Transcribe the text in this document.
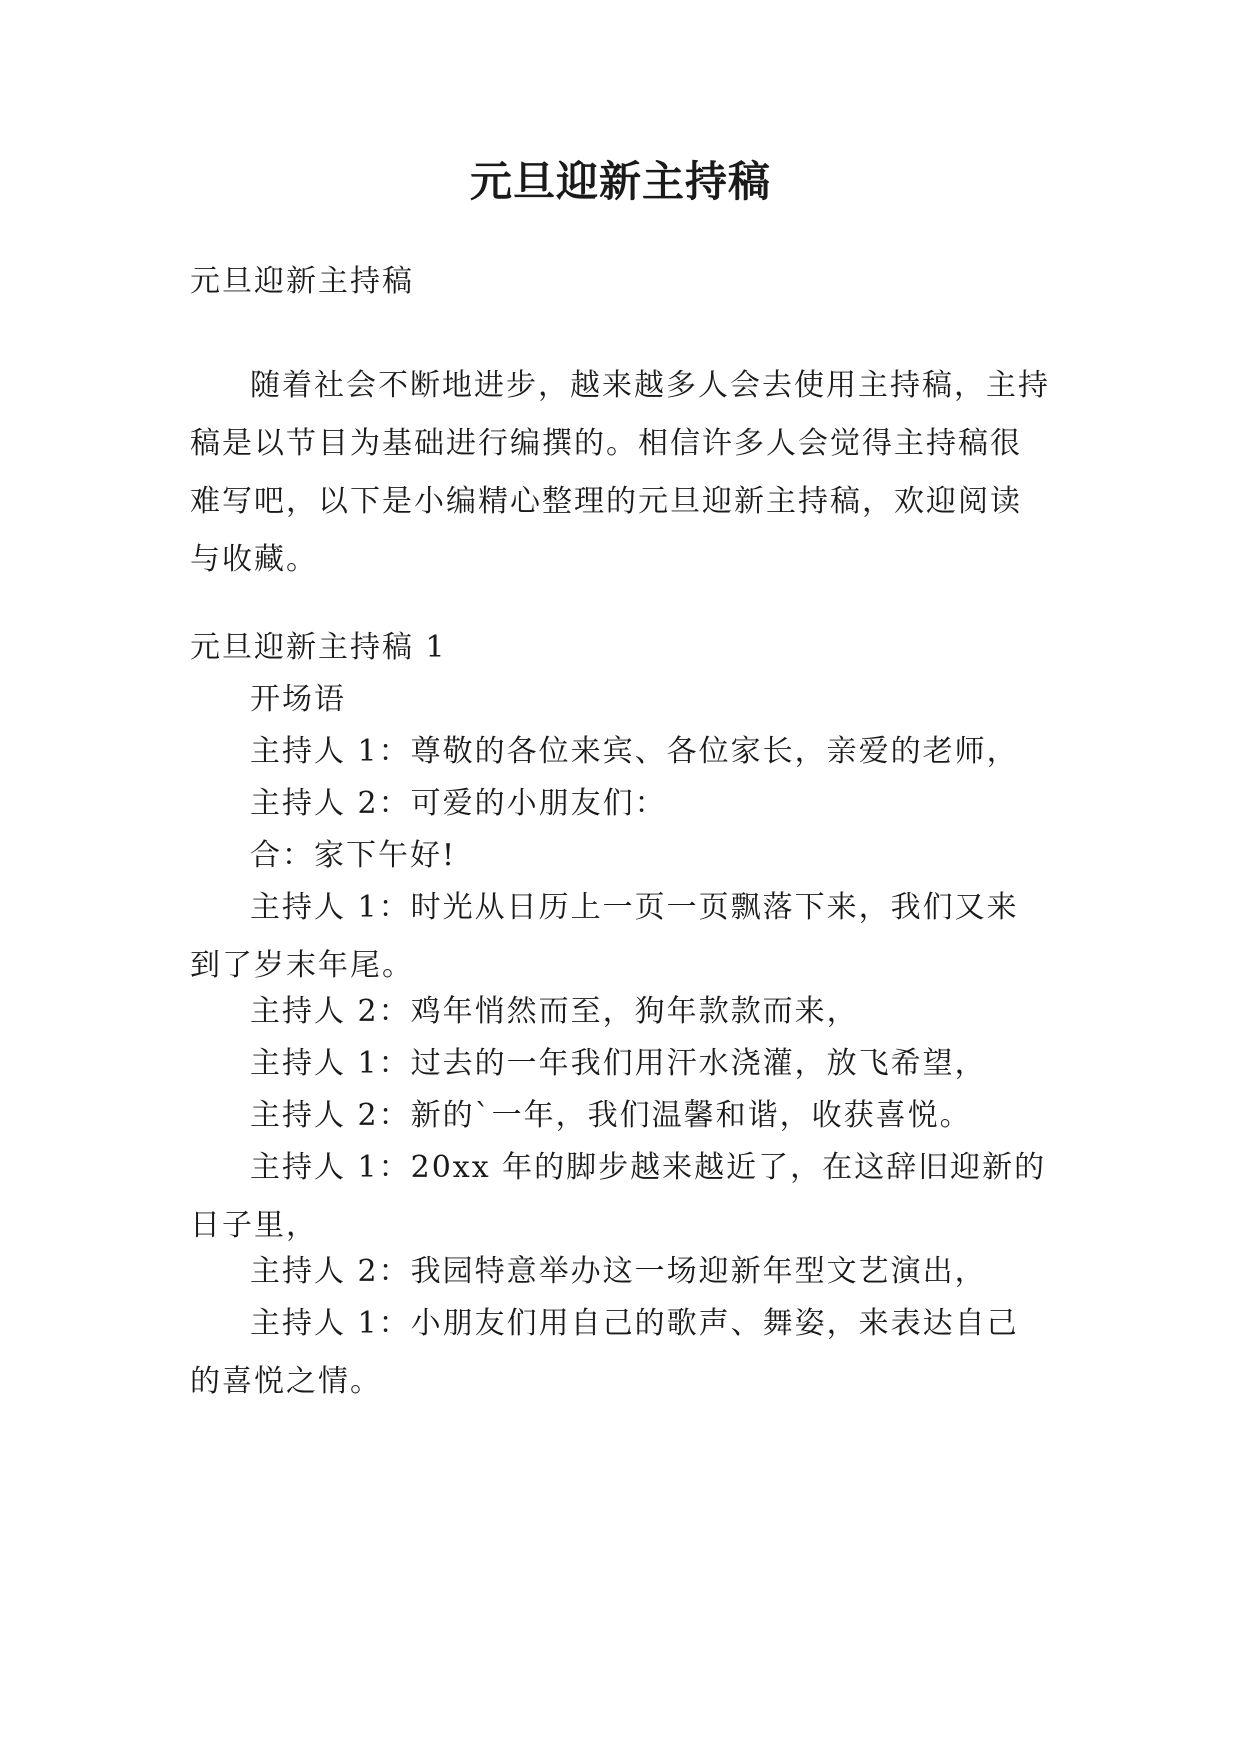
元旦迎新主持稿

元旦迎新主持稿

随着社会不断地进步，越来越多人会去使用主持稿，主持稿是以节目为基础进行编撰的。相信许多人会觉得主持稿很难写吧，以下是小编精心整理的元旦迎新主持稿，欢迎阅读与收藏。

元旦迎新主持稿 1

开场语

主持人 1：尊敬的各位来宾、各位家长，亲爱的老师，

主持人 2：可爱的小朋友们：

合：家下午好!

主持人 1：时光从日历上一页一页飘落下来，我们又来到了岁末年尾。

主持人 2：鸡年悄然而至，狗年款款而来，

主持人 1：过去的一年我们用汗水浇灌，放飞希望，

主持人 2：新的`一年，我们温馨和谐，收获喜悦。

主持人 1：20xx 年的脚步越来越近了，在这辞旧迎新的日子里，

主持人 2：我园特意举办这一场迎新年型文艺演出，

主持人 1：小朋友们用自己的歌声、舞姿，来表达自己的喜悦之情。
